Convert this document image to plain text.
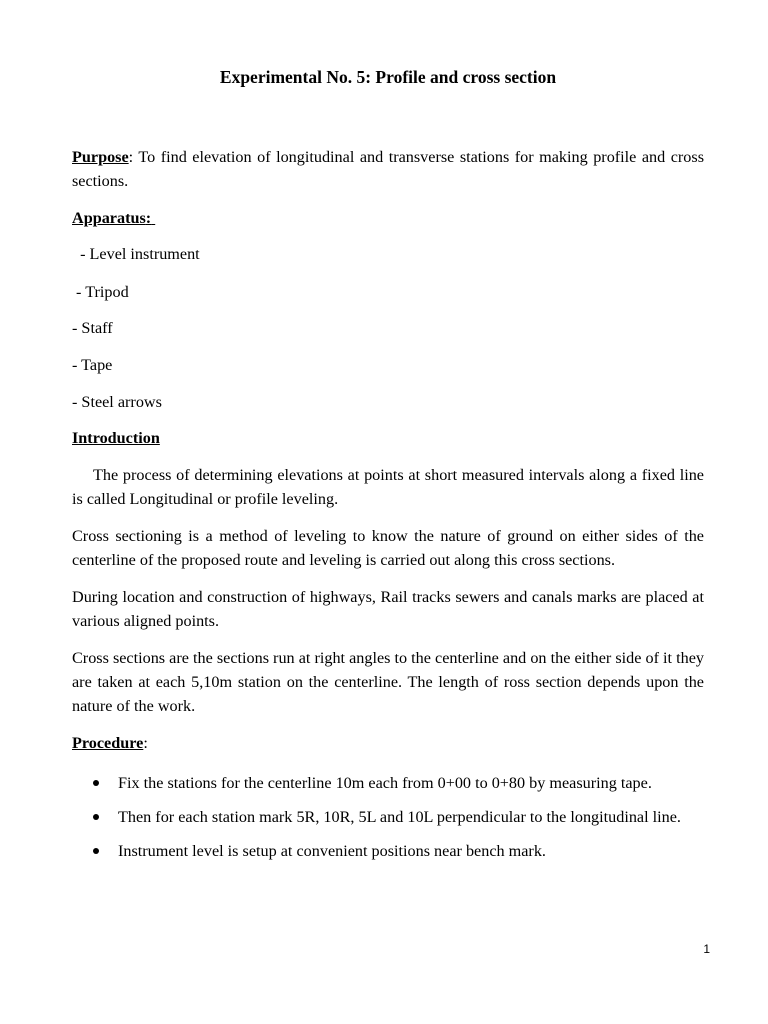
Experimental No. 5: Profile and cross section

Purpose: To find elevation of longitudinal and transverse stations for making profile and cross sections.

Apparatus:

- Level instrument
- Tripod
- Staff
- Tape
- Steel arrows

Introduction

The process of determining elevations at points at short measured intervals along a fixed line is called Longitudinal or profile leveling.

Cross sectioning is a method of leveling to know the nature of ground on either sides of the centerline of the proposed route and leveling is carried out along this cross sections.

During location and construction of highways, Rail tracks sewers and canals marks are placed at various aligned points.

Cross sections are the sections run at right angles to the centerline and on the either side of it they are taken at each 5,10m station on the centerline. The length of ross section depends upon the nature of the work.

Procedure:

Fix the stations for the centerline 10m each from 0+00 to 0+80 by measuring tape.
Then for each station mark 5R, 10R, 5L and 10L perpendicular to the longitudinal line.
Instrument level is setup at convenient positions near bench mark.
1
